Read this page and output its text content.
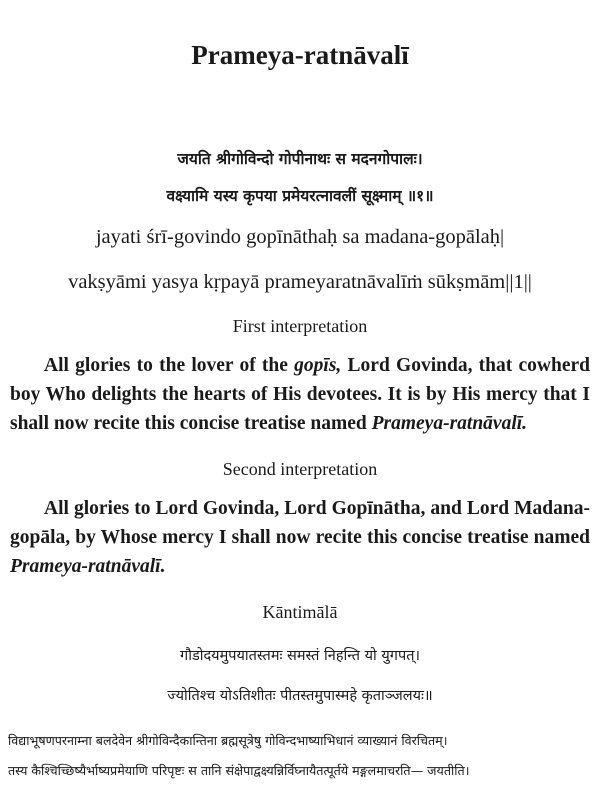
Prameya-ratnāvalī
जयति श्रीगोविन्दो गोपीनाथः स मदनगोपालः।
वक्ष्यामि यस्य कृपया प्रमेयरत्नावलीं सूक्ष्माम् ॥१॥
jayati śrī-govindo gopīnāthaḥ sa madana-gopālaḥ|
vakṣyāmi yasya kṛpayā prameyaratnāvalīṁ sūkṣmām||1||
First interpretation
All glories to the lover of the gopīs, Lord Govinda, that cowherd boy Who delights the hearts of His devotees. It is by His mercy that I shall now recite this concise treatise named Prameya-ratnāvalī.
Second interpretation
All glories to Lord Govinda, Lord Gopīnātha, and Lord Madana-gopāla, by Whose mercy I shall now recite this concise treatise named Prameya-ratnāvalī.
Kāntimālā
गौडोदयमुपयातस्तमः समस्तं निहन्ति यो युगपत्।
ज्योतिश्च योऽतिशीतः पीतस्तमुपास्महे कृताञ्जलयः॥
विद्याभूषणपरनाम्ना बलदेवेन श्रीगोविन्दैकान्तिना ब्रह्मसूत्रेषु गोविन्दभाष्याभिधानं व्याख्यानं विरचितम्।
तस्य कैश्चिच्छिष्यैर्भाष्यप्रमेयाणि परिपृष्टः स तानि संक्षेपाद्वक्ष्यन्निर्विघ्नायैतत्पूर्तये मङ्गलमाचरति— जयतीति।
